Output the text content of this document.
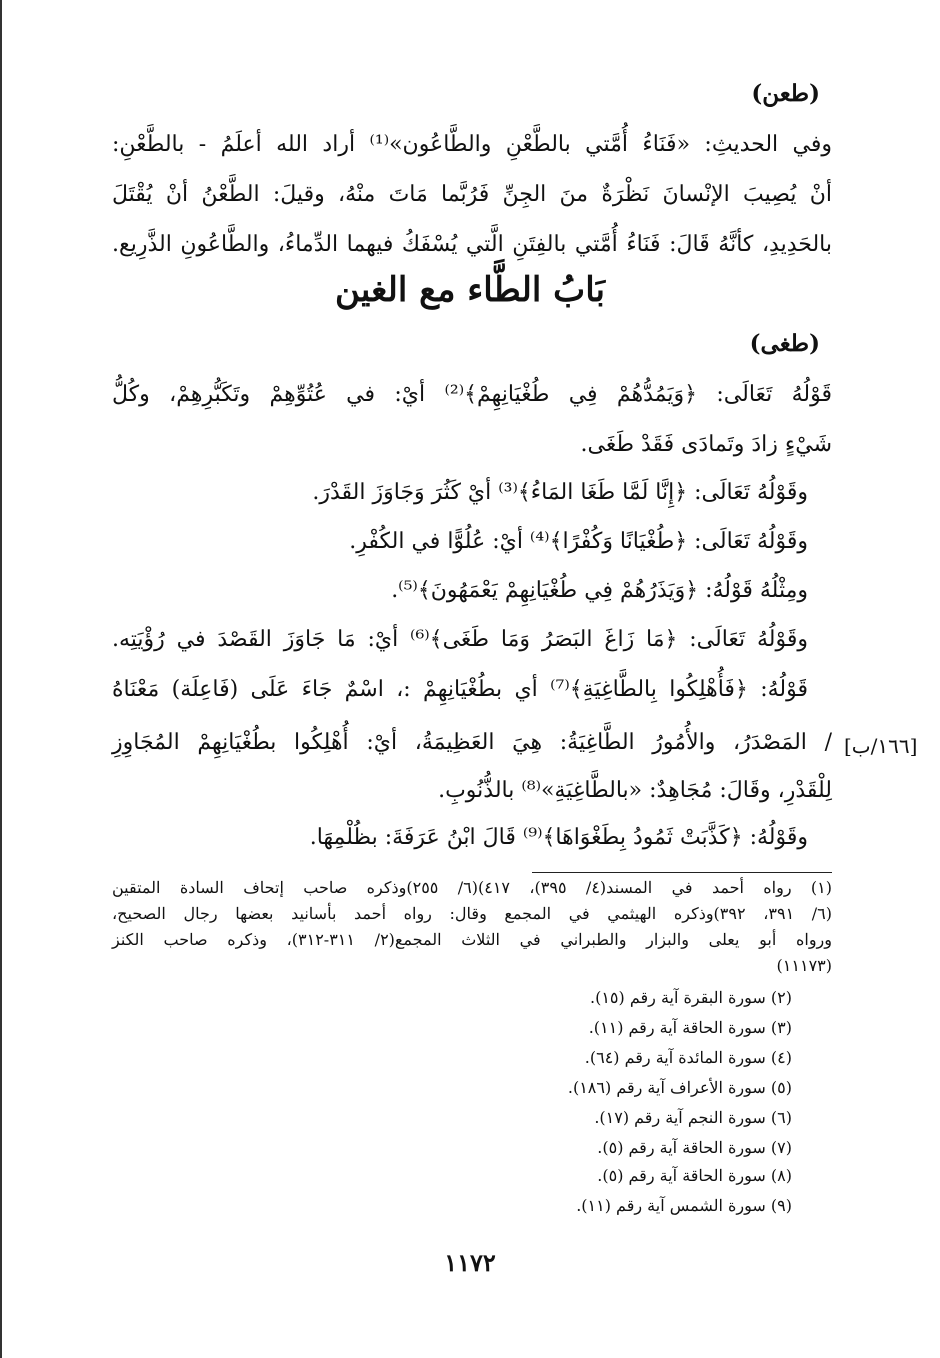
(طعن)
وفي الحديثِ: «فَنَاءُ أُمَّتي بالطَّعْنِ والطَّاعُون»⁽¹⁾ أراد الله أعلَمُ - بالطَّعْنِ:
أنْ يُصِيبَ الإنْسانَ نَظْرَةٌ منَ الجِنِّ فَرُبَّما مَاتَ منْهُ، وقيلَ: الطَّعْنُ أنْ يُقْتَلَ
بالحَدِيدِ، كأنَّهُ قَالَ: فَنَاءُ أُمَّتي بالفِتَنِ الَّتي يُسْفَكُ فيهما الدِّماءُ، والطَّاعُونِ الذَّرِيع.
بَابُ الطَّاء مع الغين
(طغى)
قَوْلُهُ تَعَالَى: ﴿وَيَمُدُّهُمْ فِي طُغْيَانِهِمْ﴾⁽²⁾ أيْ: في عُتُوِّهِمْ وتَكَبُّرِهِمْ، وكُلُّ
شَيْءٍ زادَ وتَمادَى فَقَدْ طَغَى.
وقَوْلُهُ تَعَالَى: ﴿إِنَّا لَمَّا طَغَا المَاءُ﴾⁽³⁾ أيْ كَثُرَ وَجَاوَزَ القَدْرَ.
وقَوْلُهُ تَعَالَى: ﴿طُغْيَانًا وَكُفْرًا﴾⁽⁴⁾ أيْ: عُلُوًّا في الكُفْرِ.
ومِثْلُهُ قَوْلُهُ: ﴿وَيَذَرُهُمْ فِي طُغْيَانِهِمْ يَعْمَهُونَ﴾⁽⁵⁾.
وقَوْلُهُ تَعَالَى: ﴿مَا زَاغَ البَصَرُ وَمَا طَغَى﴾⁽⁶⁾ أيْ: مَا جَاوَزَ القَصْدَ في رُؤْيَتِه.
قَوْلُهُ: ﴿فَأُهْلِكُوا بِالطَّاغِيَةِ﴾⁽⁷⁾ أي بطُغْيَانِهِمْ :، اسْمٌ جَاءَ عَلَى (فَاعِلَة) مَعْنَاهُ
/ المَصْدَرُ، والأُمُورُ الطَّاغِيَةُ: هِيَ العَظِيمَةُ، أيْ: أُهْلِكُوا بطُغْيَانِهِمْ المُجَاوِزِ
لِلْقَدْرِ، وقَالَ: مُجَاهِدٌ: «بالطَّاغِيَةِ»⁽⁸⁾ بالذُّنُوبِ.
وقَوْلُهُ: ﴿كَذَّبَتْ ثَمُودُ بِطَغْوَاهَا﴾⁽⁹⁾ قَالَ ابْنُ عَرَفَةَ: بظُلْمِهَا.
[١٦٦/ب]
(١) رواه أحمد في المسند(٤/ ٣٩٥)، ٤١٧)(٦/ ٢٥٥)وذكره صاحب إتحاف السادة المتقين
(٦/ ٣٩١، ٣٩٢)وذكره الهيثمي في المجمع وقال: رواه أحمد بأسانيد بعضها رجال الصحيح،
ورواه أبو يعلى والبزار والطبراني في الثلاث المجمع(٢/ ٣١١-٣١٢)، وذكره صاحب الكنز
(١١١٧٣)
(٢) سورة البقرة آية رقم (١٥).
(٣) سورة الحاقة آية رقم (١١).
(٤) سورة المائدة آية رقم (٦٤).
(٥) سورة الأعراف آية رقم (١٨٦).
(٦) سورة النجم آية رقم (١٧).
(٧) سورة الحاقة آية رقم (٥).
(٨) سورة الحاقة آية رقم (٥).
(٩) سورة الشمس آية رقم (١١).
١١٧٢
